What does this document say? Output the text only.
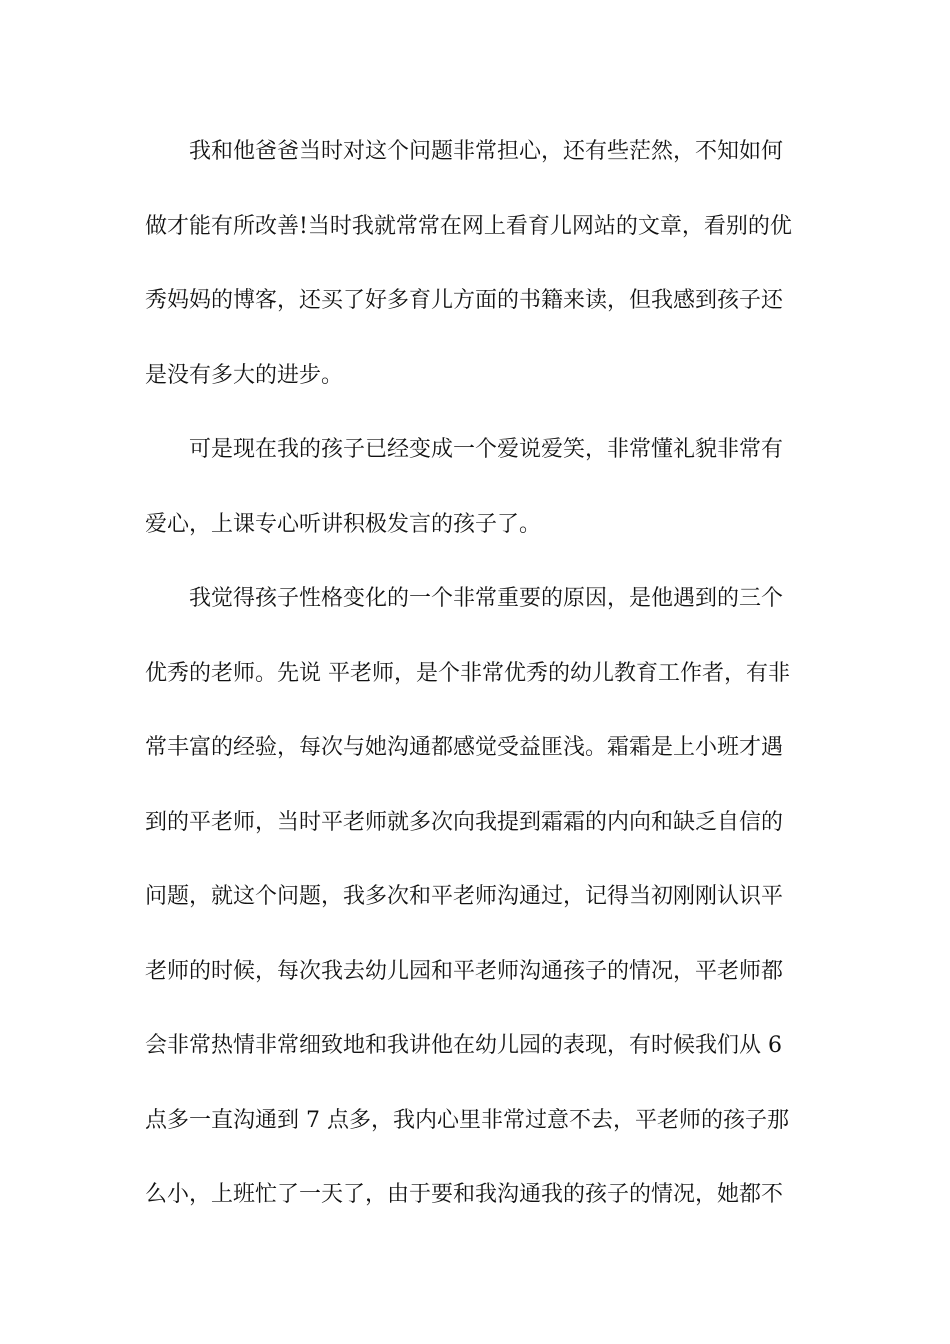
我和他爸爸当时对这个问题非常担心，还有些茫然，不知如何
做才能有所改善!当时我就常常在网上看育儿网站的文章，看别的优
秀妈妈的博客，还买了好多育儿方面的书籍来读，但我感到孩子还
是没有多大的进步。
可是现在我的孩子已经变成一个爱说爱笑，非常懂礼貌非常有
爱心，上课专心听讲积极发言的孩子了。
我觉得孩子性格变化的一个非常重要的原因，是他遇到的三个
优秀的老师。先说 平老师，是个非常优秀的幼儿教育工作者，有非
常丰富的经验，每次与她沟通都感觉受益匪浅。霜霜是上小班才遇
到的平老师，当时平老师就多次向我提到霜霜的内向和缺乏自信的
问题，就这个问题，我多次和平老师沟通过，记得当初刚刚认识平
老师的时候，每次我去幼儿园和平老师沟通孩子的情况，平老师都
会非常热情非常细致地和我讲他在幼儿园的表现，有时候我们从 6
点多一直沟通到 7 点多，我内心里非常过意不去，平老师的孩子那
么小，上班忙了一天了，由于要和我沟通我的孩子的情况，她都不
